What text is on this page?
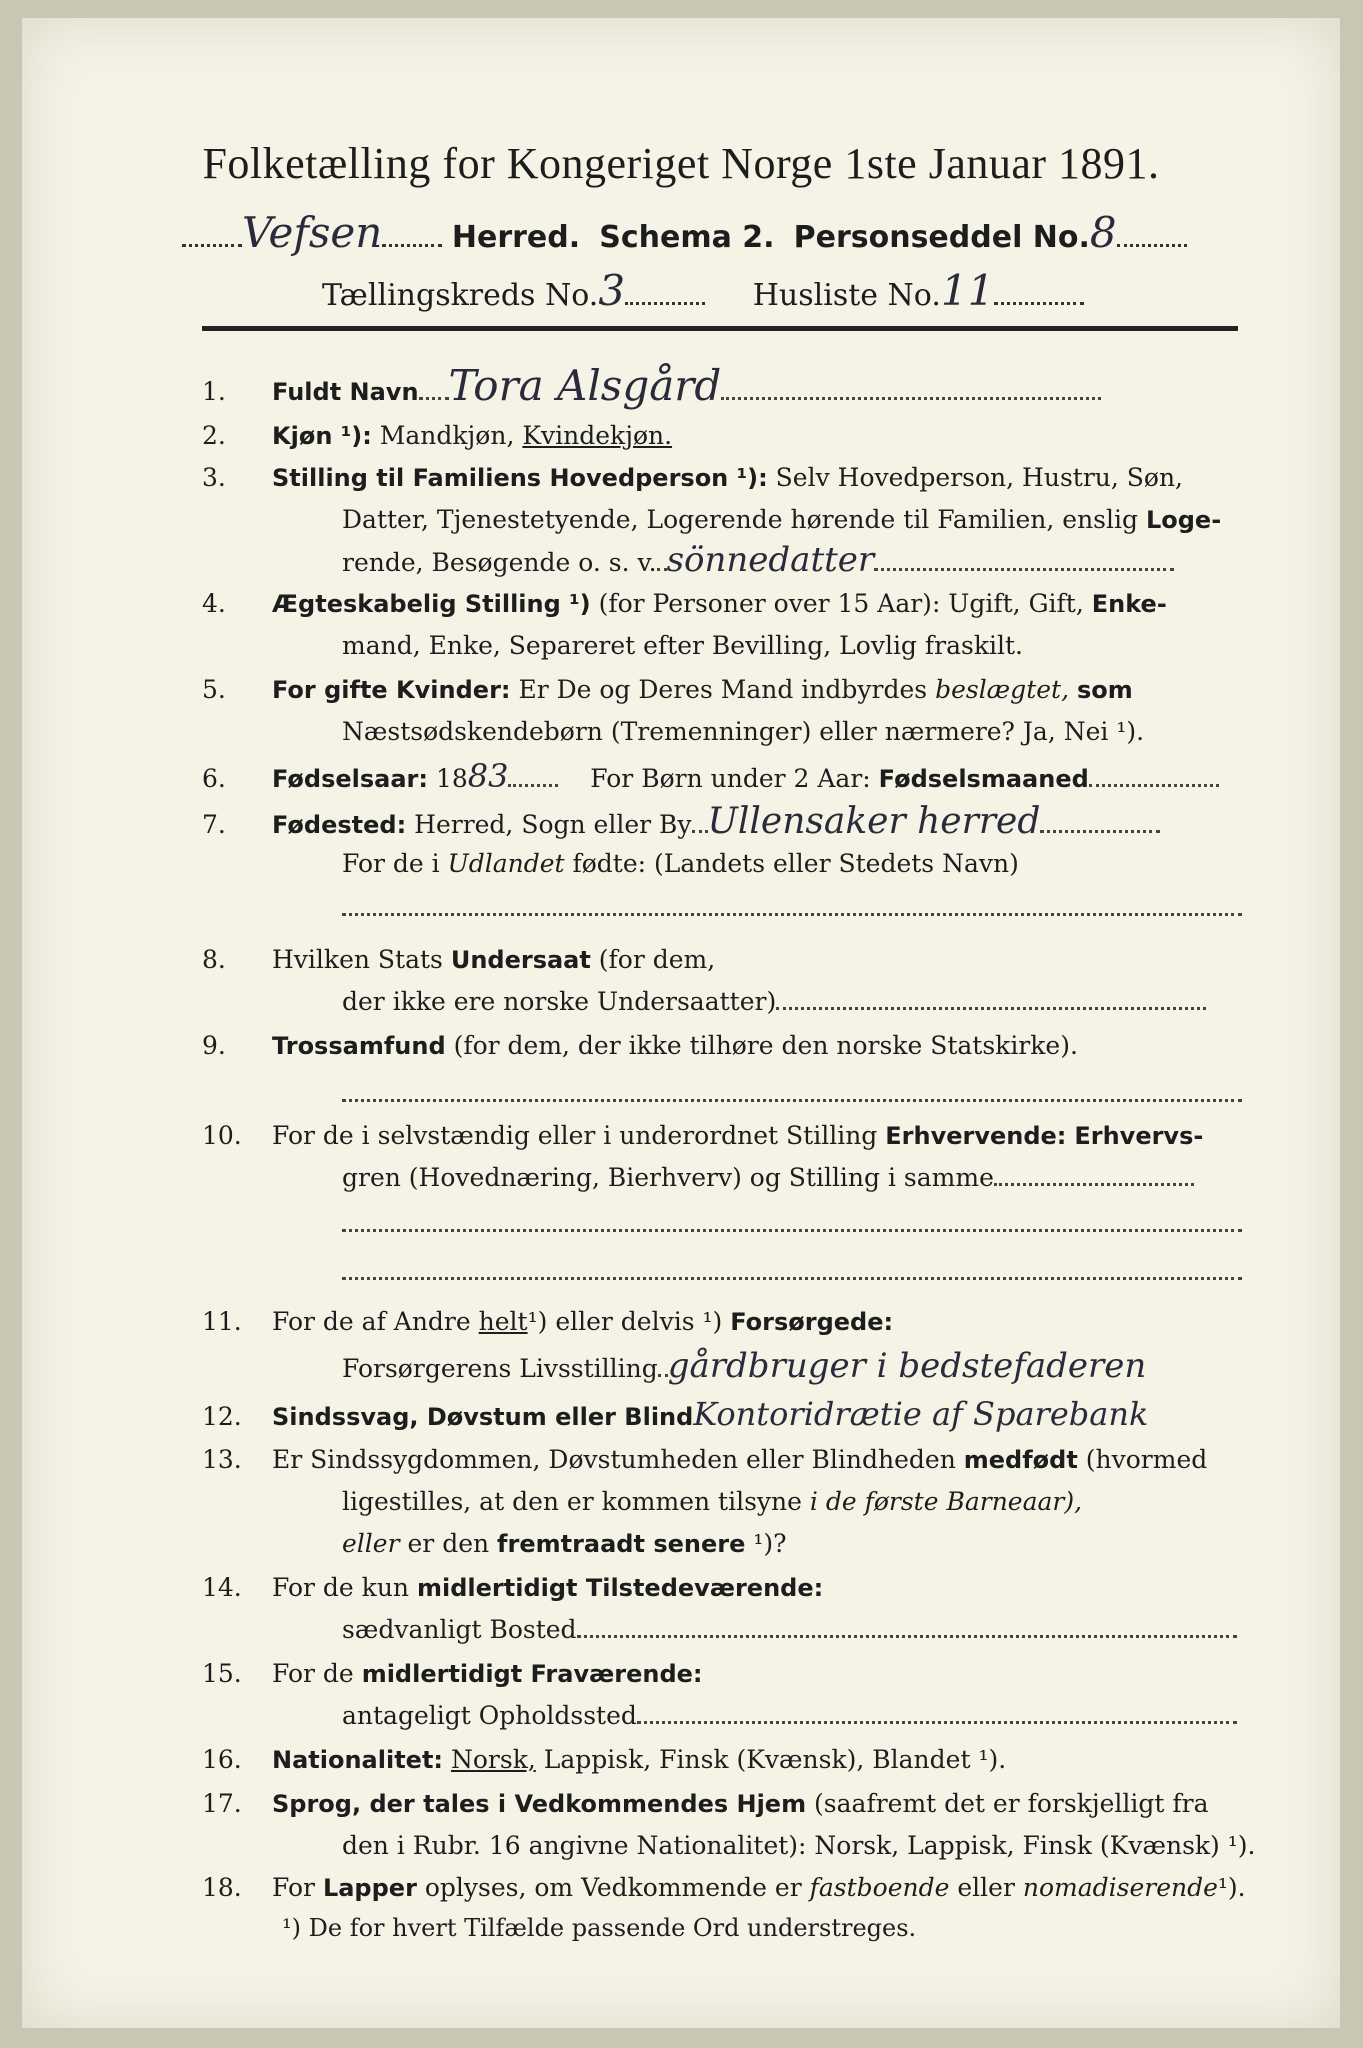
Folketælling for Kongeriget Norge 1ste Januar 1891.
Vefsen Herred. Schema 2. Personseddel No.8
Tællingskreds No.3	Husliste No.11
1. Fuldt Navn Tora Alsgård
2. Kjøn ¹): Mandkjøn, Kvindekjøn.
3. Stilling til Familiens Hovedperson ¹): Selv Hovedperson, Hustru, Søn,
Datter, Tjenestetyende, Logerende hørende til Familien, enslig Loge-
rende, Besøgende o. s. v. sönnedatter
4. Ægteskabelig Stilling ¹) (for Personer over 15 Aar): Ugift, Gift, Enke-
mand, Enke, Separeret efter Bevilling, Lovlig fraskilt.
5. For gifte Kvinder: Er De og Deres Mand indbyrdes beslægtet, som
Næstsødskendebørn (Tremenninger) eller nærmere? Ja, Nei ¹).
6. Fødselsaar: 1883	For Børn under 2 Aar: Fødselsmaaned
7. Fødested: Herred, Sogn eller By Ullensaker herred
For de i Udlandet fødte: (Landets eller Stedets Navn)
8. Hvilken Stats Undersaat (for dem,
der ikke ere norske Undersaatter)
9. Trossamfund (for dem, der ikke tilhøre den norske Statskirke).
10. For de i selvstændig eller i underordnet Stilling Erhvervende: Erhvervs-
gren (Hovednæring, Bierhverv) og Stilling i samme
11. For de af Andre helt¹) eller delvis ¹) Forsørgede:
Forsørgerens Livsstilling gårdbruger i bedstefaderen
12. Sindssvag, Døvstum eller BlindKontoridrætie af Sparebank
13. Er Sindssygdommen, Døvstumheden eller Blindheden medfødt (hvormed
ligestilles, at den er kommen tilsyne i de første Barneaar),
eller er den fremtraadt senere ¹)?
14. For de kun midlertidigt Tilstedeværende:
sædvanligt Bosted
15. For de midlertidigt Fraværende:
antageligt Opholdssted
16. Nationalitet: Norsk, Lappisk, Finsk (Kvænsk), Blandet ¹).
17. Sprog, der tales i Vedkommendes Hjem (saafremt det er forskjelligt fra
den i Rubr. 16 angivne Nationalitet): Norsk, Lappisk, Finsk (Kvænsk) ¹).
18. For Lapper oplyses, om Vedkommende er fastboende eller nomadiserende¹).
¹) De for hvert Tilfælde passende Ord understreges.
